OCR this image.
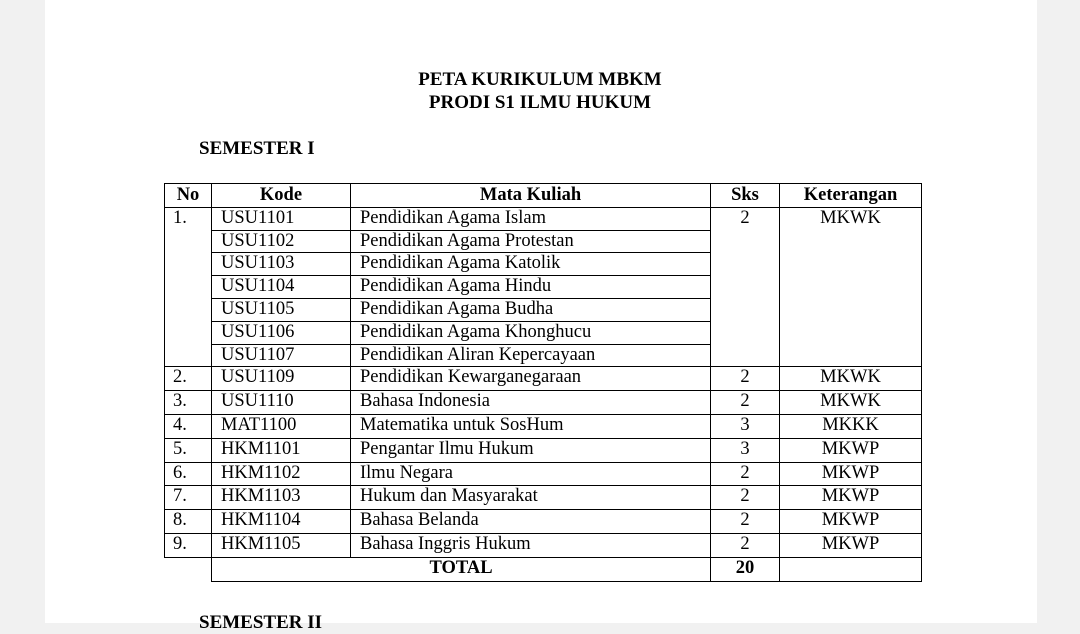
PETA KURIKULUM MBKM
PRODI S1 ILMU HUKUM
SEMESTER I
No	Kode	Mata Kuliah	Sks	Keterangan
1.	USU1101	Pendidikan Agama Islam	2	MKWK
	USU1102	Pendidikan Agama Protestan		
	USU1103	Pendidikan Agama Katolik		
	USU1104	Pendidikan Agama Hindu		
	USU1105	Pendidikan Agama Budha		
	USU1106	Pendidikan Agama Khonghucu		
	USU1107	Pendidikan Aliran Kepercayaan		
2.	USU1109	Pendidikan Kewarganegaraan	2	MKWK
3.	USU1110	Bahasa Indonesia	2	MKWK
4.	MAT1100	Matematika untuk SosHum	3	MKKK
5.	HKM1101	Pengantar Ilmu Hukum	3	MKWP
6.	HKM1102	Ilmu Negara	2	MKWP
7.	HKM1103	Hukum dan Masyarakat	2	MKWP
8.	HKM1104	Bahasa Belanda	2	MKWP
9.	HKM1105	Bahasa Inggris Hukum	2	MKWP
	TOTAL		20	
SEMESTER II
